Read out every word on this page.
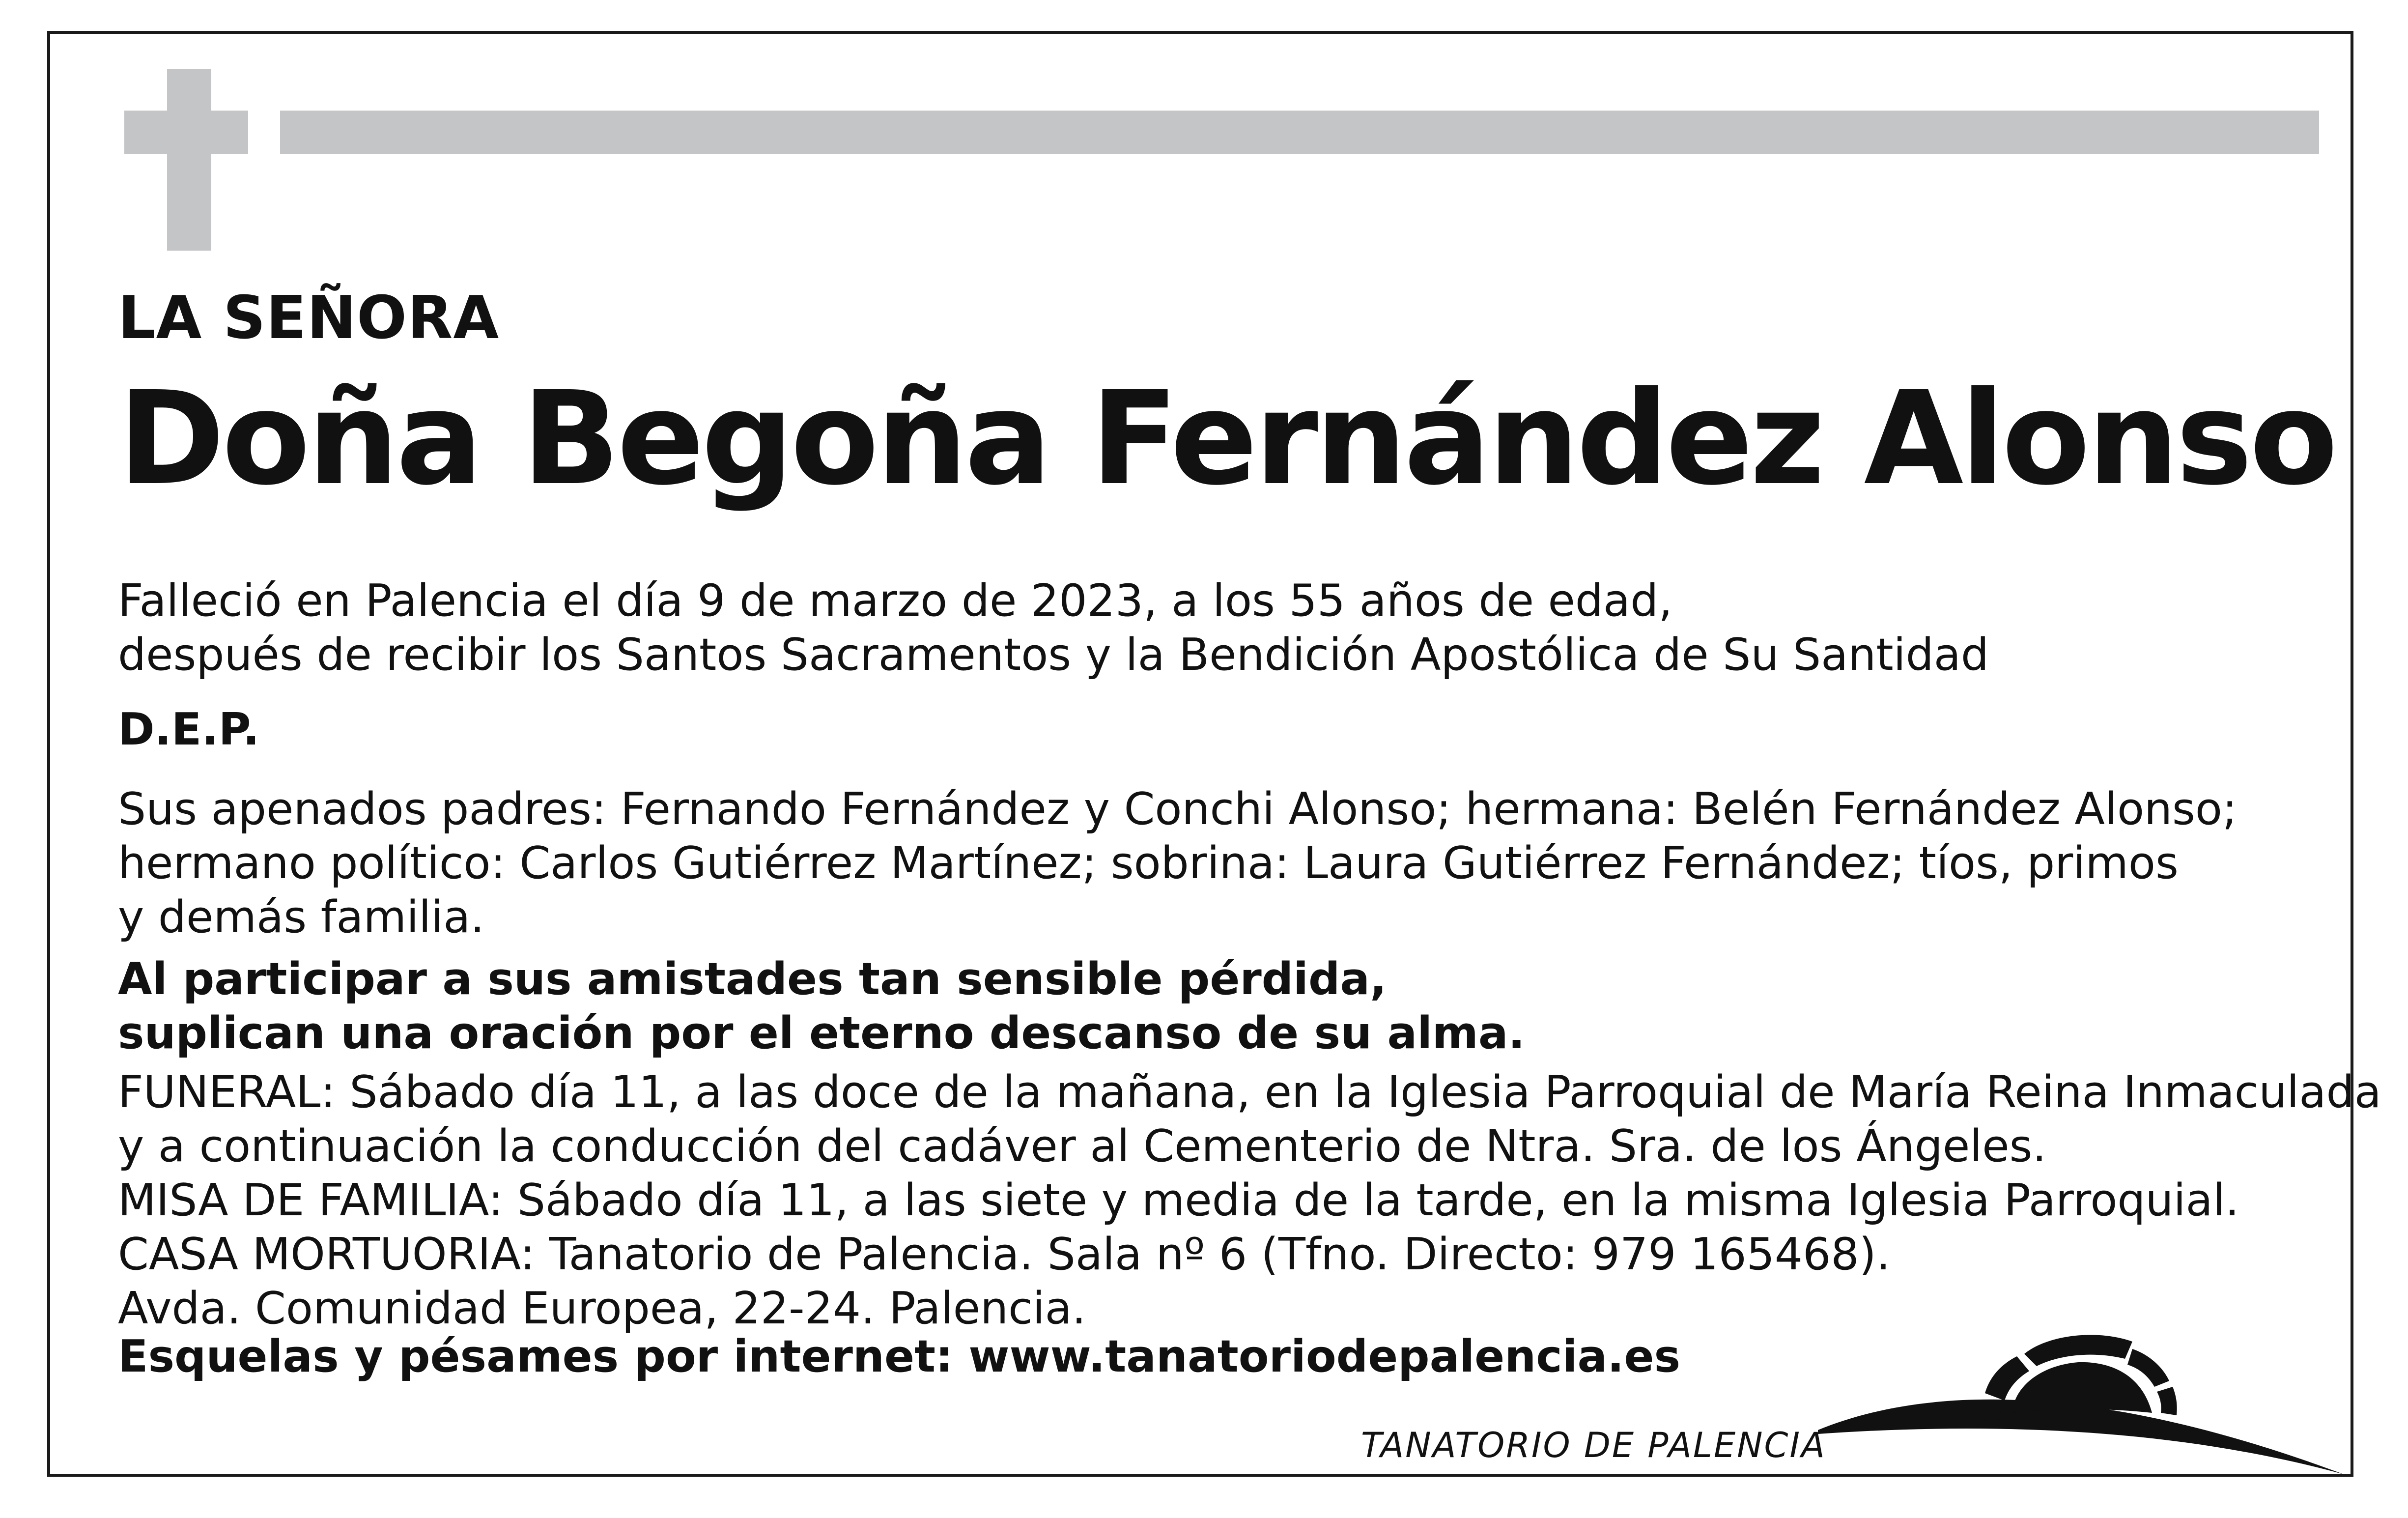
LA SEÑORA

Doña Begoña Fernández Alonso

Falleció en Palencia el día 9 de marzo de 2023, a los 55 años de edad,
después de recibir los Santos Sacramentos y la Bendición Apostólica de Su Santidad

D.E.P.

Sus apenados padres: Fernando Fernández y Conchi Alonso; hermana: Belén Fernández Alonso;
hermano político: Carlos Gutiérrez Martínez; sobrina: Laura Gutiérrez Fernández; tíos, primos
y demás familia.

Al participar a sus amistades tan sensible pérdida,
suplican una oración por el eterno descanso de su alma.

FUNERAL: Sábado día 11, a las doce de la mañana, en la Iglesia Parroquial de María Reina Inmaculada
y a continuación la conducción del cadáver al Cementerio de Ntra. Sra. de los Ángeles.
MISA DE FAMILIA: Sábado día 11, a las siete y media de la tarde, en la misma Iglesia Parroquial.
CASA MORTUORIA: Tanatorio de Palencia. Sala nº 6 (Tfno. Directo: 979 165468).
Avda. Comunidad Europea, 22-24. Palencia.

Esquelas y pésames por internet: www.tanatoriodepalencia.es

TANATORIO DE PALENCIA
